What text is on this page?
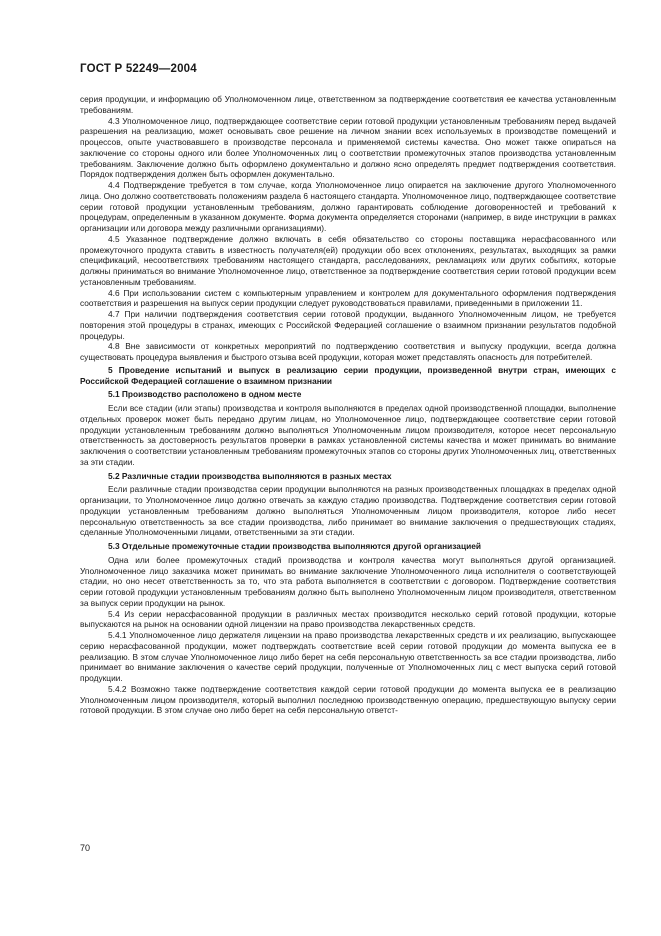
ГОСТ Р 52249—2004

серия продукции, и информацию об Уполномоченном лице, ответственном за подтверждение соответствия ее качества установленным требованиям.

4.3 Уполномоченное лицо, подтверждающее соответствие серии готовой продукции установленным требованиям перед выдачей разрешения на реализацию, может основывать свое решение на личном знании всех используемых в производстве помещений и процессов, опыте участвовавшего в производстве персонала и применяемой системы качества. Оно может также опираться на заключение со стороны одного или более Уполномоченных лиц о соответствии промежуточных этапов производства установленным требованиям. Заключение должно быть оформлено документально и должно ясно определять предмет подтверждения соответствия. Порядок подтверждения должен быть оформлен документально.

4.4 Подтверждение требуется в том случае, когда Уполномоченное лицо опирается на заключение другого Уполномоченного лица. Оно должно соответствовать положениям раздела 6 настоящего стандарта. Уполномоченное лицо, подтверждающее соответствие серии готовой продукции установленным требованиям, должно гарантировать соблюдение договоренностей и требований к процедурам, определенным в указанном документе. Форма документа определяется сторонами (например, в виде инструкции в рамках организации или договора между различными организациями).

4.5 Указанное подтверждение должно включать в себя обязательство со стороны поставщика нерасфасованного или промежуточного продукта ставить в известность получателя(ей) продукции обо всех отклонениях, результатах, выходящих за рамки спецификаций, несоответствиях требованиям настоящего стандарта, расследованиях, рекламациях или других событиях, которые должны приниматься во внимание Уполномоченное лицо, ответственное за подтверждение соответствия серии готовой продукции всем установленным требованиям.

4.6 При использовании систем с компьютерным управлением и контролем для документального оформления подтверждения соответствия и разрешения на выпуск серии продукции следует руководствоваться правилами, приведенными в приложении 11.

4.7 При наличии подтверждения соответствия серии готовой продукции, выданного Уполномоченным лицом, не требуется повторения этой процедуры в странах, имеющих с Российской Федерацией соглашение о взаимном признании результатов подобной процедуры.

4.8 Вне зависимости от конкретных мероприятий по подтверждению соответствия и выпуску продукции, всегда должна существовать процедура выявления и быстрого отзыва всей продукции, которая может представлять опасность для потребителей.

5 Проведение испытаний и выпуск в реализацию серии продукции, произведенной внутри стран, имеющих с Российской Федерацией соглашение о взаимном признании

5.1 Производство расположено в одном месте

Если все стадии (или этапы) производства и контроля выполняются в пределах одной производственной площадки, выполнение отдельных проверок может быть передано другим лицам, но Уполномоченное лицо, подтверждающее соответствие серии готовой продукции установленным требованиям должно выполняться Уполномоченным лицом производителя, которое несет персональную ответственность за достоверность результатов проверки в рамках установленной системы качества и может принимать во внимание заключения о соответствии установленным требованиям промежуточных этапов со стороны других Уполномоченных лиц, ответственных за эти стадии.

5.2 Различные стадии производства выполняются в разных местах

Если различные стадии производства серии продукции выполняются на разных производственных площадках в пределах одной организации, то Уполномоченное лицо должно отвечать за каждую стадию производства. Подтверждение соответствия серии готовой продукции установленным требованиям должно выполняться Уполномоченным лицом производителя, которое либо несет персональную ответственность за все стадии производства, либо принимает во внимание заключения о предшествующих стадиях, сделанные Уполномоченными лицами, ответственными за эти стадии.

5.3 Отдельные промежуточные стадии производства выполняются другой организацией

Одна или более промежуточных стадий производства и контроля качества могут выполняться другой организацией. Уполномоченное лицо заказчика может принимать во внимание заключение Уполномоченного лица исполнителя о соответствующей стадии, но оно несет ответственность за то, что эта работа выполняется в соответствии с договором. Подтверждение соответствия серии готовой продукции установленным требованиям должно быть выполнено Уполномоченным лицом производителя, ответственном за выпуск серии продукции на рынок.

5.4 Из серии нерасфасованной продукции в различных местах производится несколько серий готовой продукции, которые выпускаются на рынок на основании одной лицензии на право производства лекарственных средств.

5.4.1 Уполномоченное лицо держателя лицензии на право производства лекарственных средств и их реализацию, выпускающее серию нерасфасованной продукции, может подтверждать соответствие всей серии готовой продукции до момента выпуска ее в реализацию. В этом случае Уполномоченное лицо либо берет на себя персональную ответственность за все стадии производства, либо принимает во внимание заключения о качестве серий продукции, полученные от Уполномоченных лиц с мест выпуска серий готовой продукции.

5.4.2 Возможно также подтверждение соответствия каждой серии готовой продукции до момента выпуска ее в реализацию Уполномоченным лицом производителя, который выполнил последнюю производственную операцию, предшествующую выпуску серии готовой продукции. В этом случае оно либо берет на себя персональную ответст-

70
